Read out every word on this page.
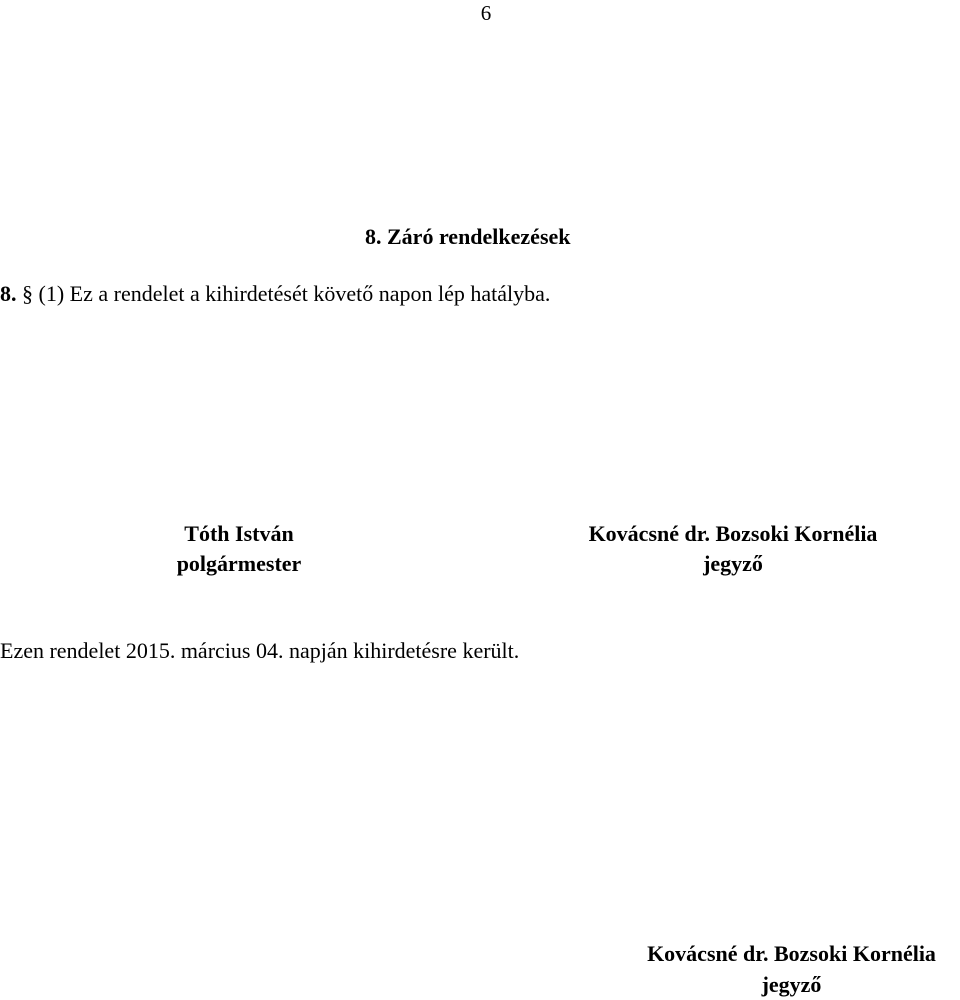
6
8. Záró rendelkezések
8. § (1) Ez a rendelet a kihirdetését követő napon lép hatályba.
Tóth István
polgármester
Kovácsné dr. Bozsoki Kornélia
jegyző
Ezen rendelet 2015. március 04. napján kihirdetésre került.
Kovácsné dr. Bozsoki Kornélia
jegyző
